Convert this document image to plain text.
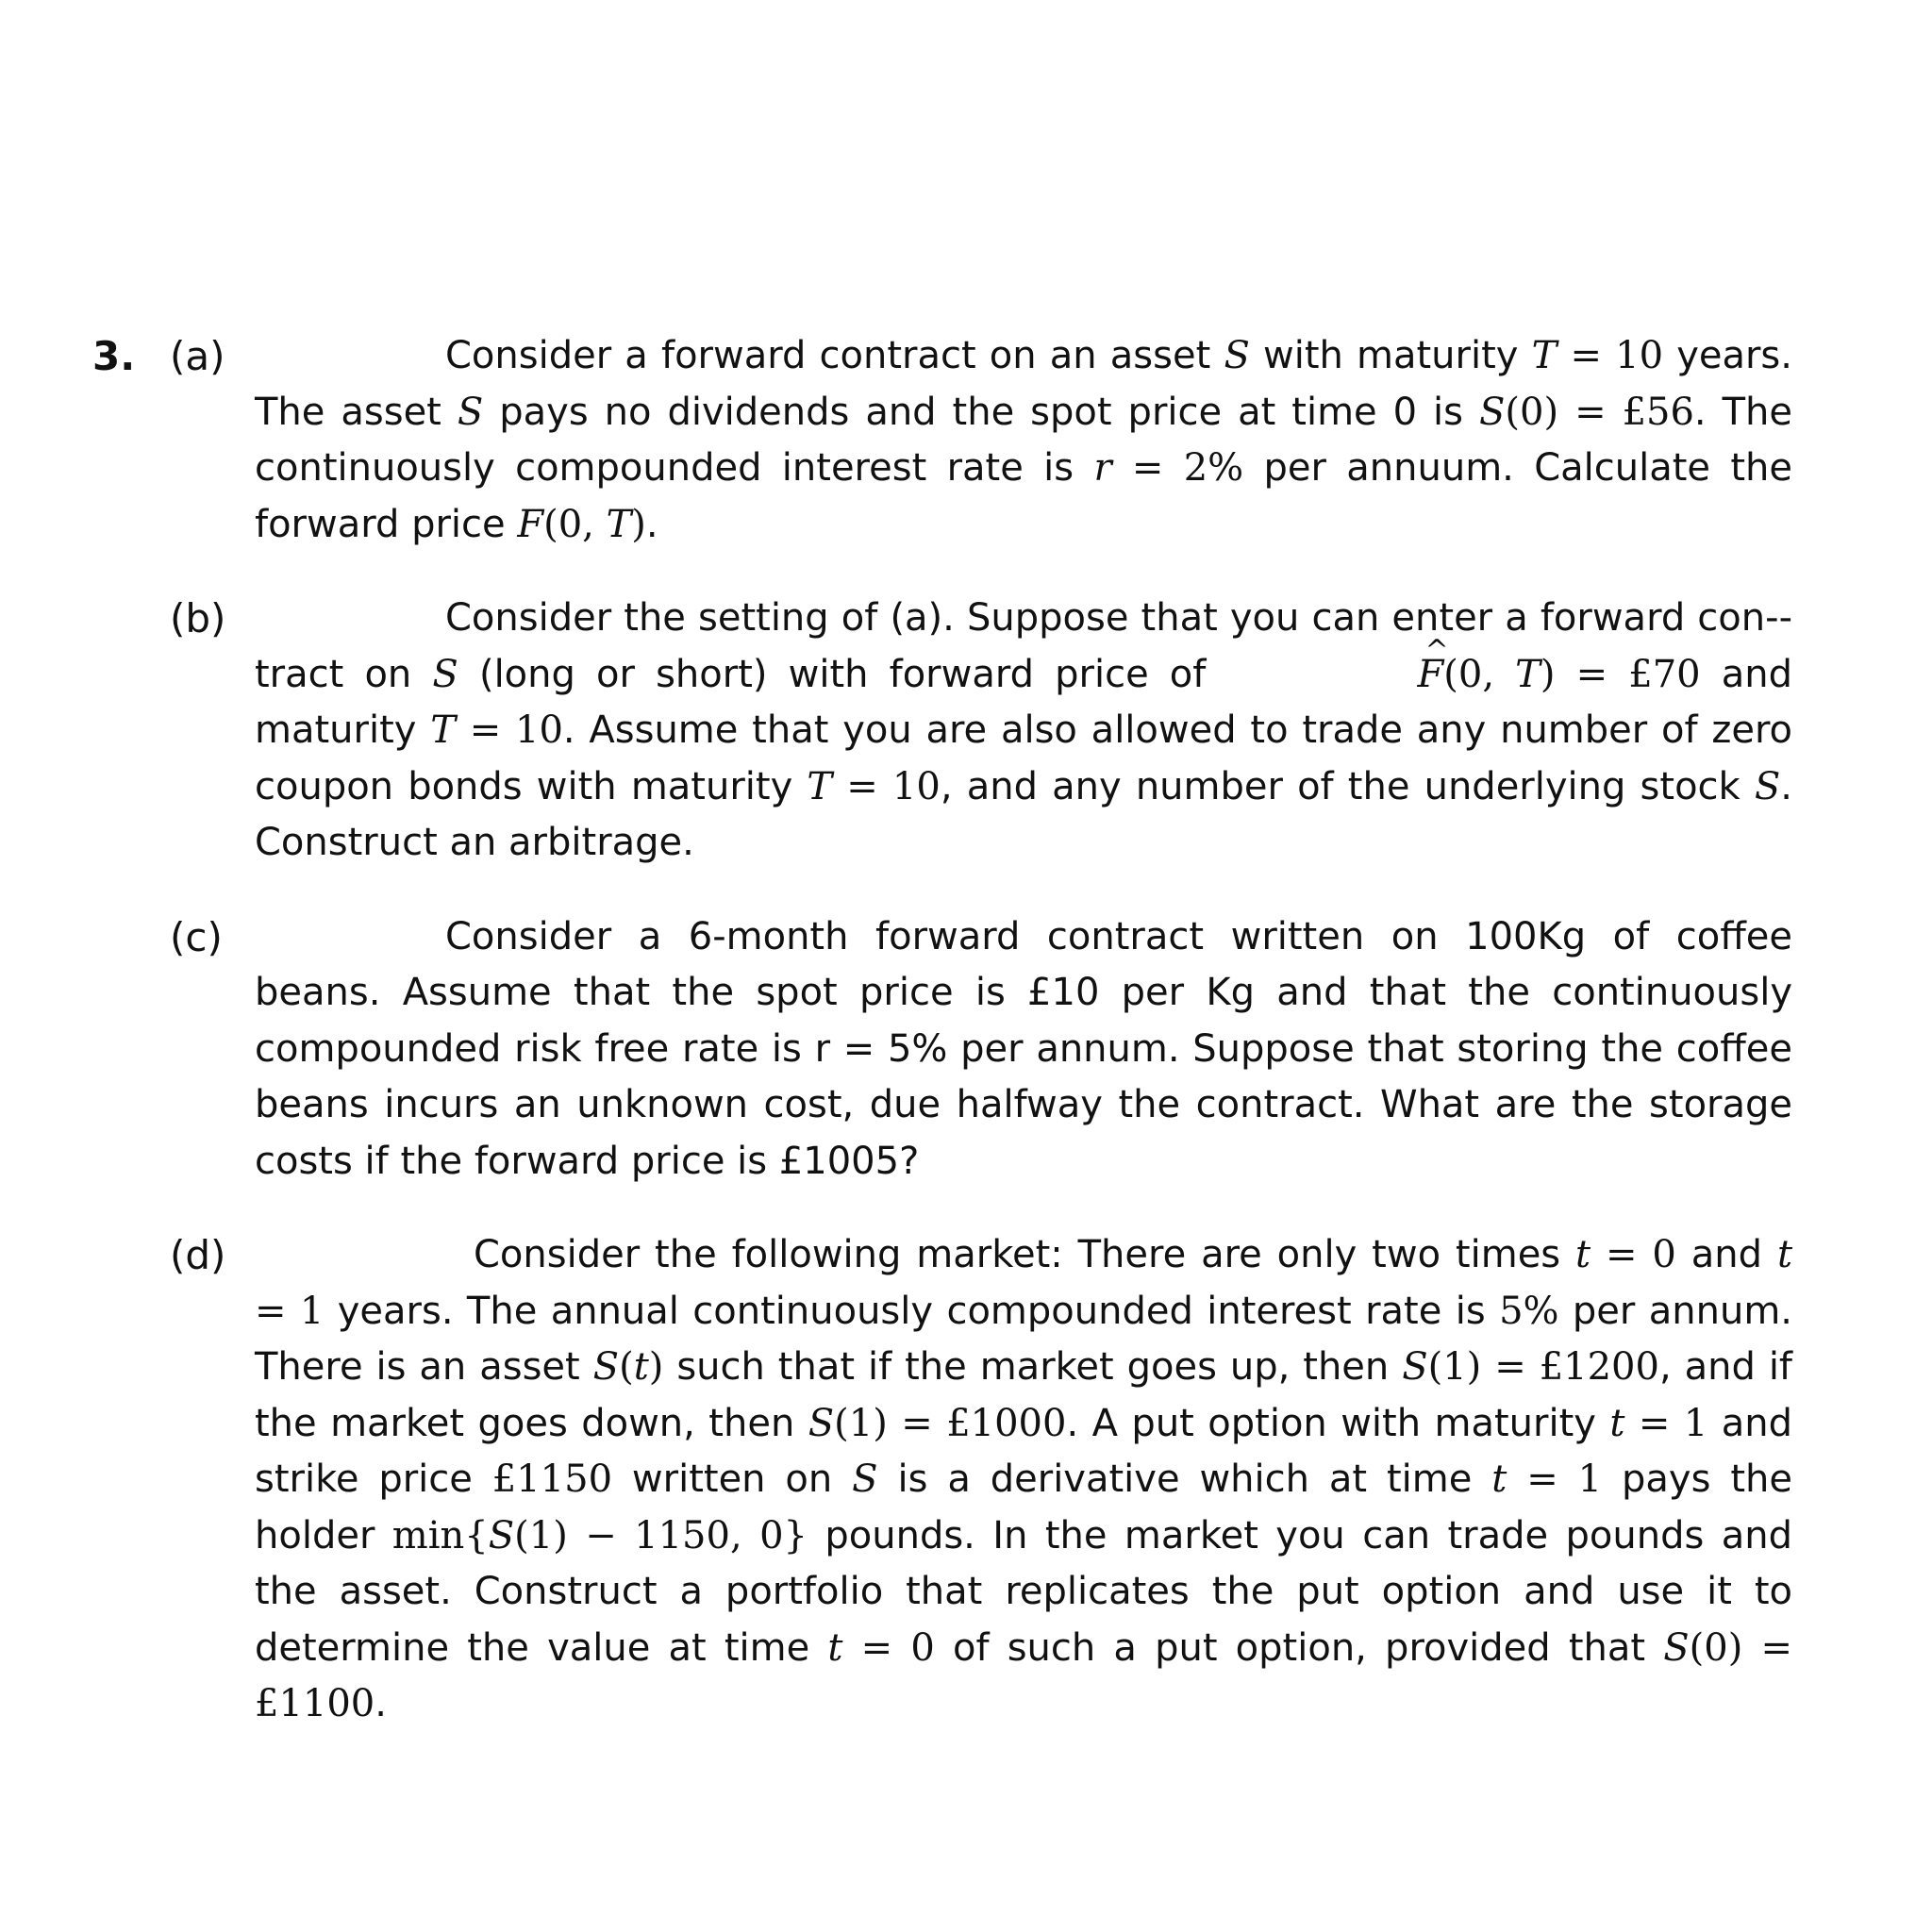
3. (a)	Consider a forward contract on an asset S with maturity T = 10 years. The asset S pays no dividends and the spot price at time 0 is S(0) = £56. The continuously compounded interest rate is r = 2% per annuum. Calculate the forward price F(0, T).
(b)	Consider the setting of (a). Suppose that you can enter a forward con-tract on S (long or short) with forward price of ^	F(0, T) = £70 and maturity T = 10. Assume that you are also allowed to trade any number of zero coupon bonds with maturity T = 10, and any number of the underlying stock S. Construct an arbitrage.
(c)	Consider a 6-month forward contract written on 100Kg of coffee beans. Assume that the spot price is £10 per Kg and that the continuously compounded risk free rate is r = 5% per annum. Suppose that storing the coffee beans incurs an unknown cost, due halfway the contract. What are the storage costs if the forward price is £1005?
(d)	Consider the following market: There are only two times t = 0 and t = 1 years. The annual continuously compounded interest rate is 5% per annum. There is an asset S(t) such that if the market goes up, then S(1) = £1200, and if the market goes down, then S(1) = £1000. A put option with maturity t = 1 and strike price £1150 written on S is a derivative which at time t = 1 pays the holder min{S(1) − 1150, 0} pounds. In the market you can trade pounds and the asset. Construct a portfolio that replicates the put option and use it to determine the value at time t = 0 of such a put option, provided that S(0) = £1100.
